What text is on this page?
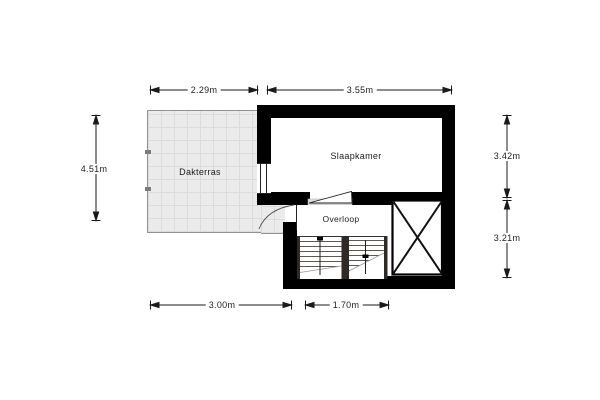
Dakterras
Slaapkamer
Overloop
2.29m	3.55m
4.51m
3.42m
3.21m
3.00m	1.70m
